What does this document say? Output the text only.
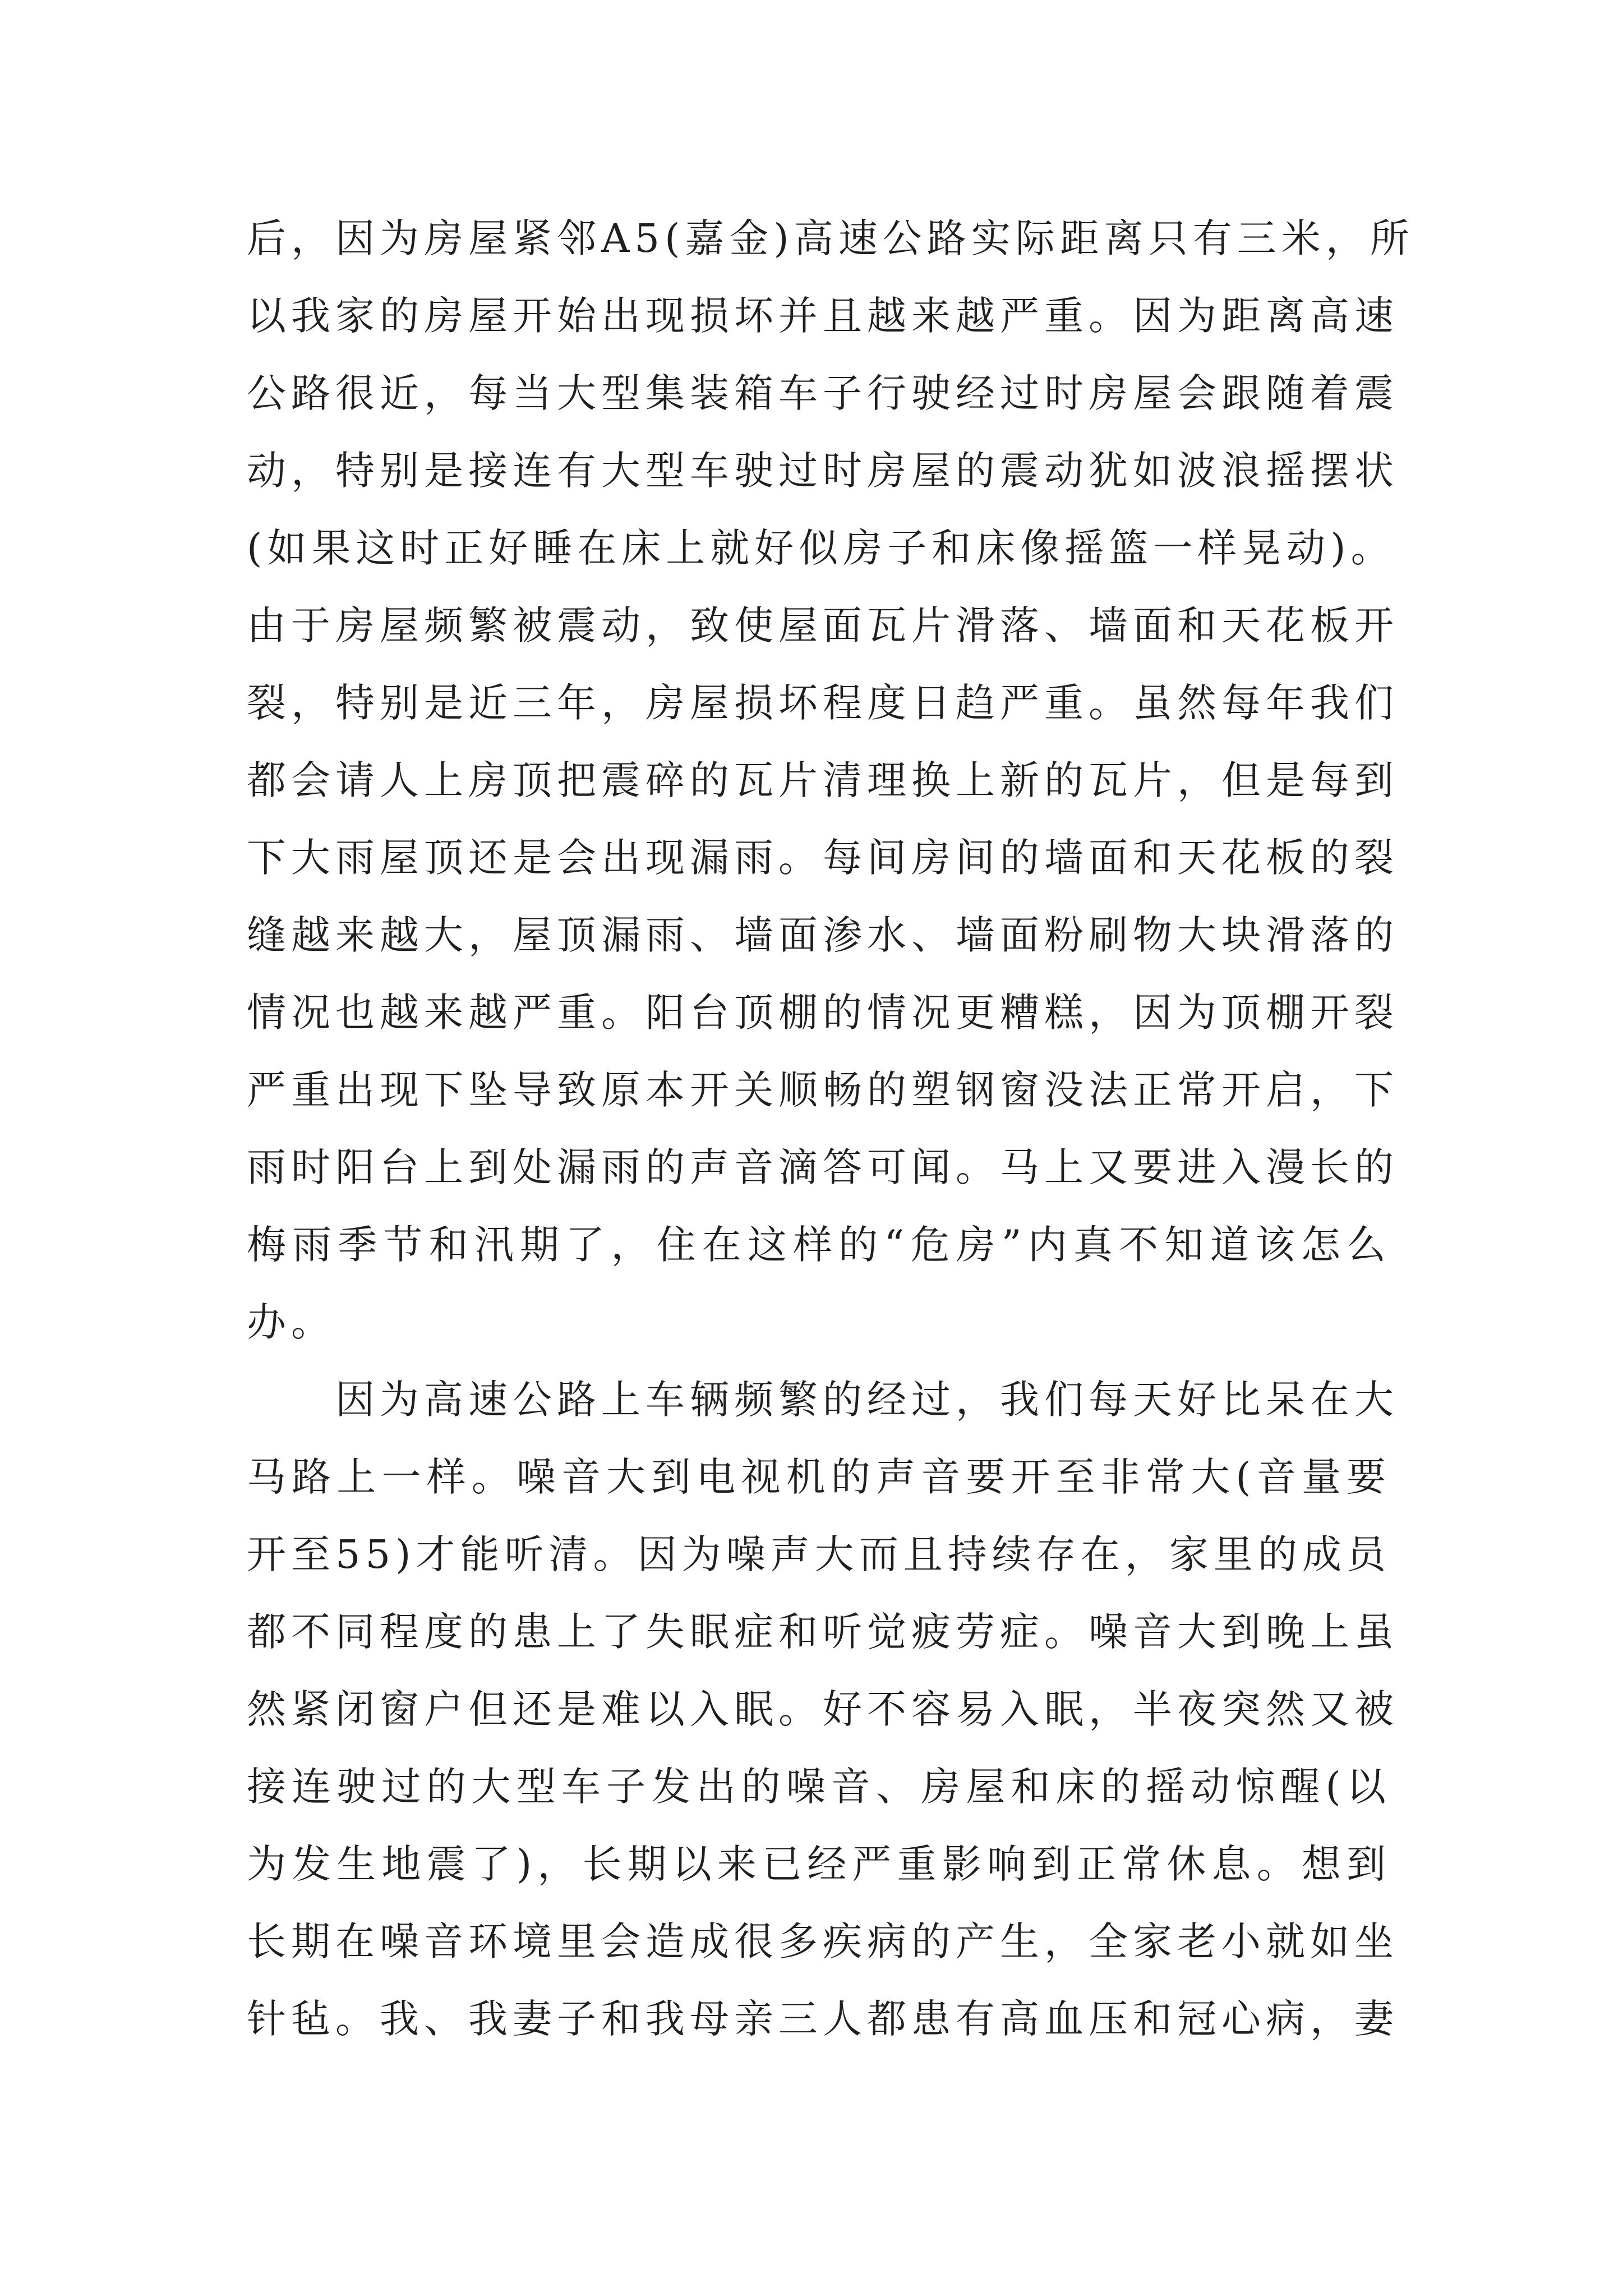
后，因为房屋紧邻A5(嘉金)高速公路实际距离只有三米，所
以我家的房屋开始出现损坏并且越来越严重。因为距离高速
公路很近，每当大型集装箱车子行驶经过时房屋会跟随着震
动，特别是接连有大型车驶过时房屋的震动犹如波浪摇摆状
(如果这时正好睡在床上就好似房子和床像摇篮一样晃动)。
由于房屋频繁被震动，致使屋面瓦片滑落、墙面和天花板开
裂，特别是近三年，房屋损坏程度日趋严重。虽然每年我们
都会请人上房顶把震碎的瓦片清理换上新的瓦片，但是每到
下大雨屋顶还是会出现漏雨。每间房间的墙面和天花板的裂
缝越来越大，屋顶漏雨、墙面渗水、墙面粉刷物大块滑落的
情况也越来越严重。阳台顶棚的情况更糟糕，因为顶棚开裂
严重出现下坠导致原本开关顺畅的塑钢窗没法正常开启，下
雨时阳台上到处漏雨的声音滴答可闻。马上又要进入漫长的
梅雨季节和汛期了，住在这样的“危房”内真不知道该怎么
办。
因为高速公路上车辆频繁的经过，我们每天好比呆在大
马路上一样。噪音大到电视机的声音要开至非常大(音量要
开至55)才能听清。因为噪声大而且持续存在，家里的成员
都不同程度的患上了失眠症和听觉疲劳症。噪音大到晚上虽
然紧闭窗户但还是难以入眠。好不容易入眠，半夜突然又被
接连驶过的大型车子发出的噪音、房屋和床的摇动惊醒(以
为发生地震了)，长期以来已经严重影响到正常休息。想到
长期在噪音环境里会造成很多疾病的产生，全家老小就如坐
针毡。我、我妻子和我母亲三人都患有高血压和冠心病，妻
